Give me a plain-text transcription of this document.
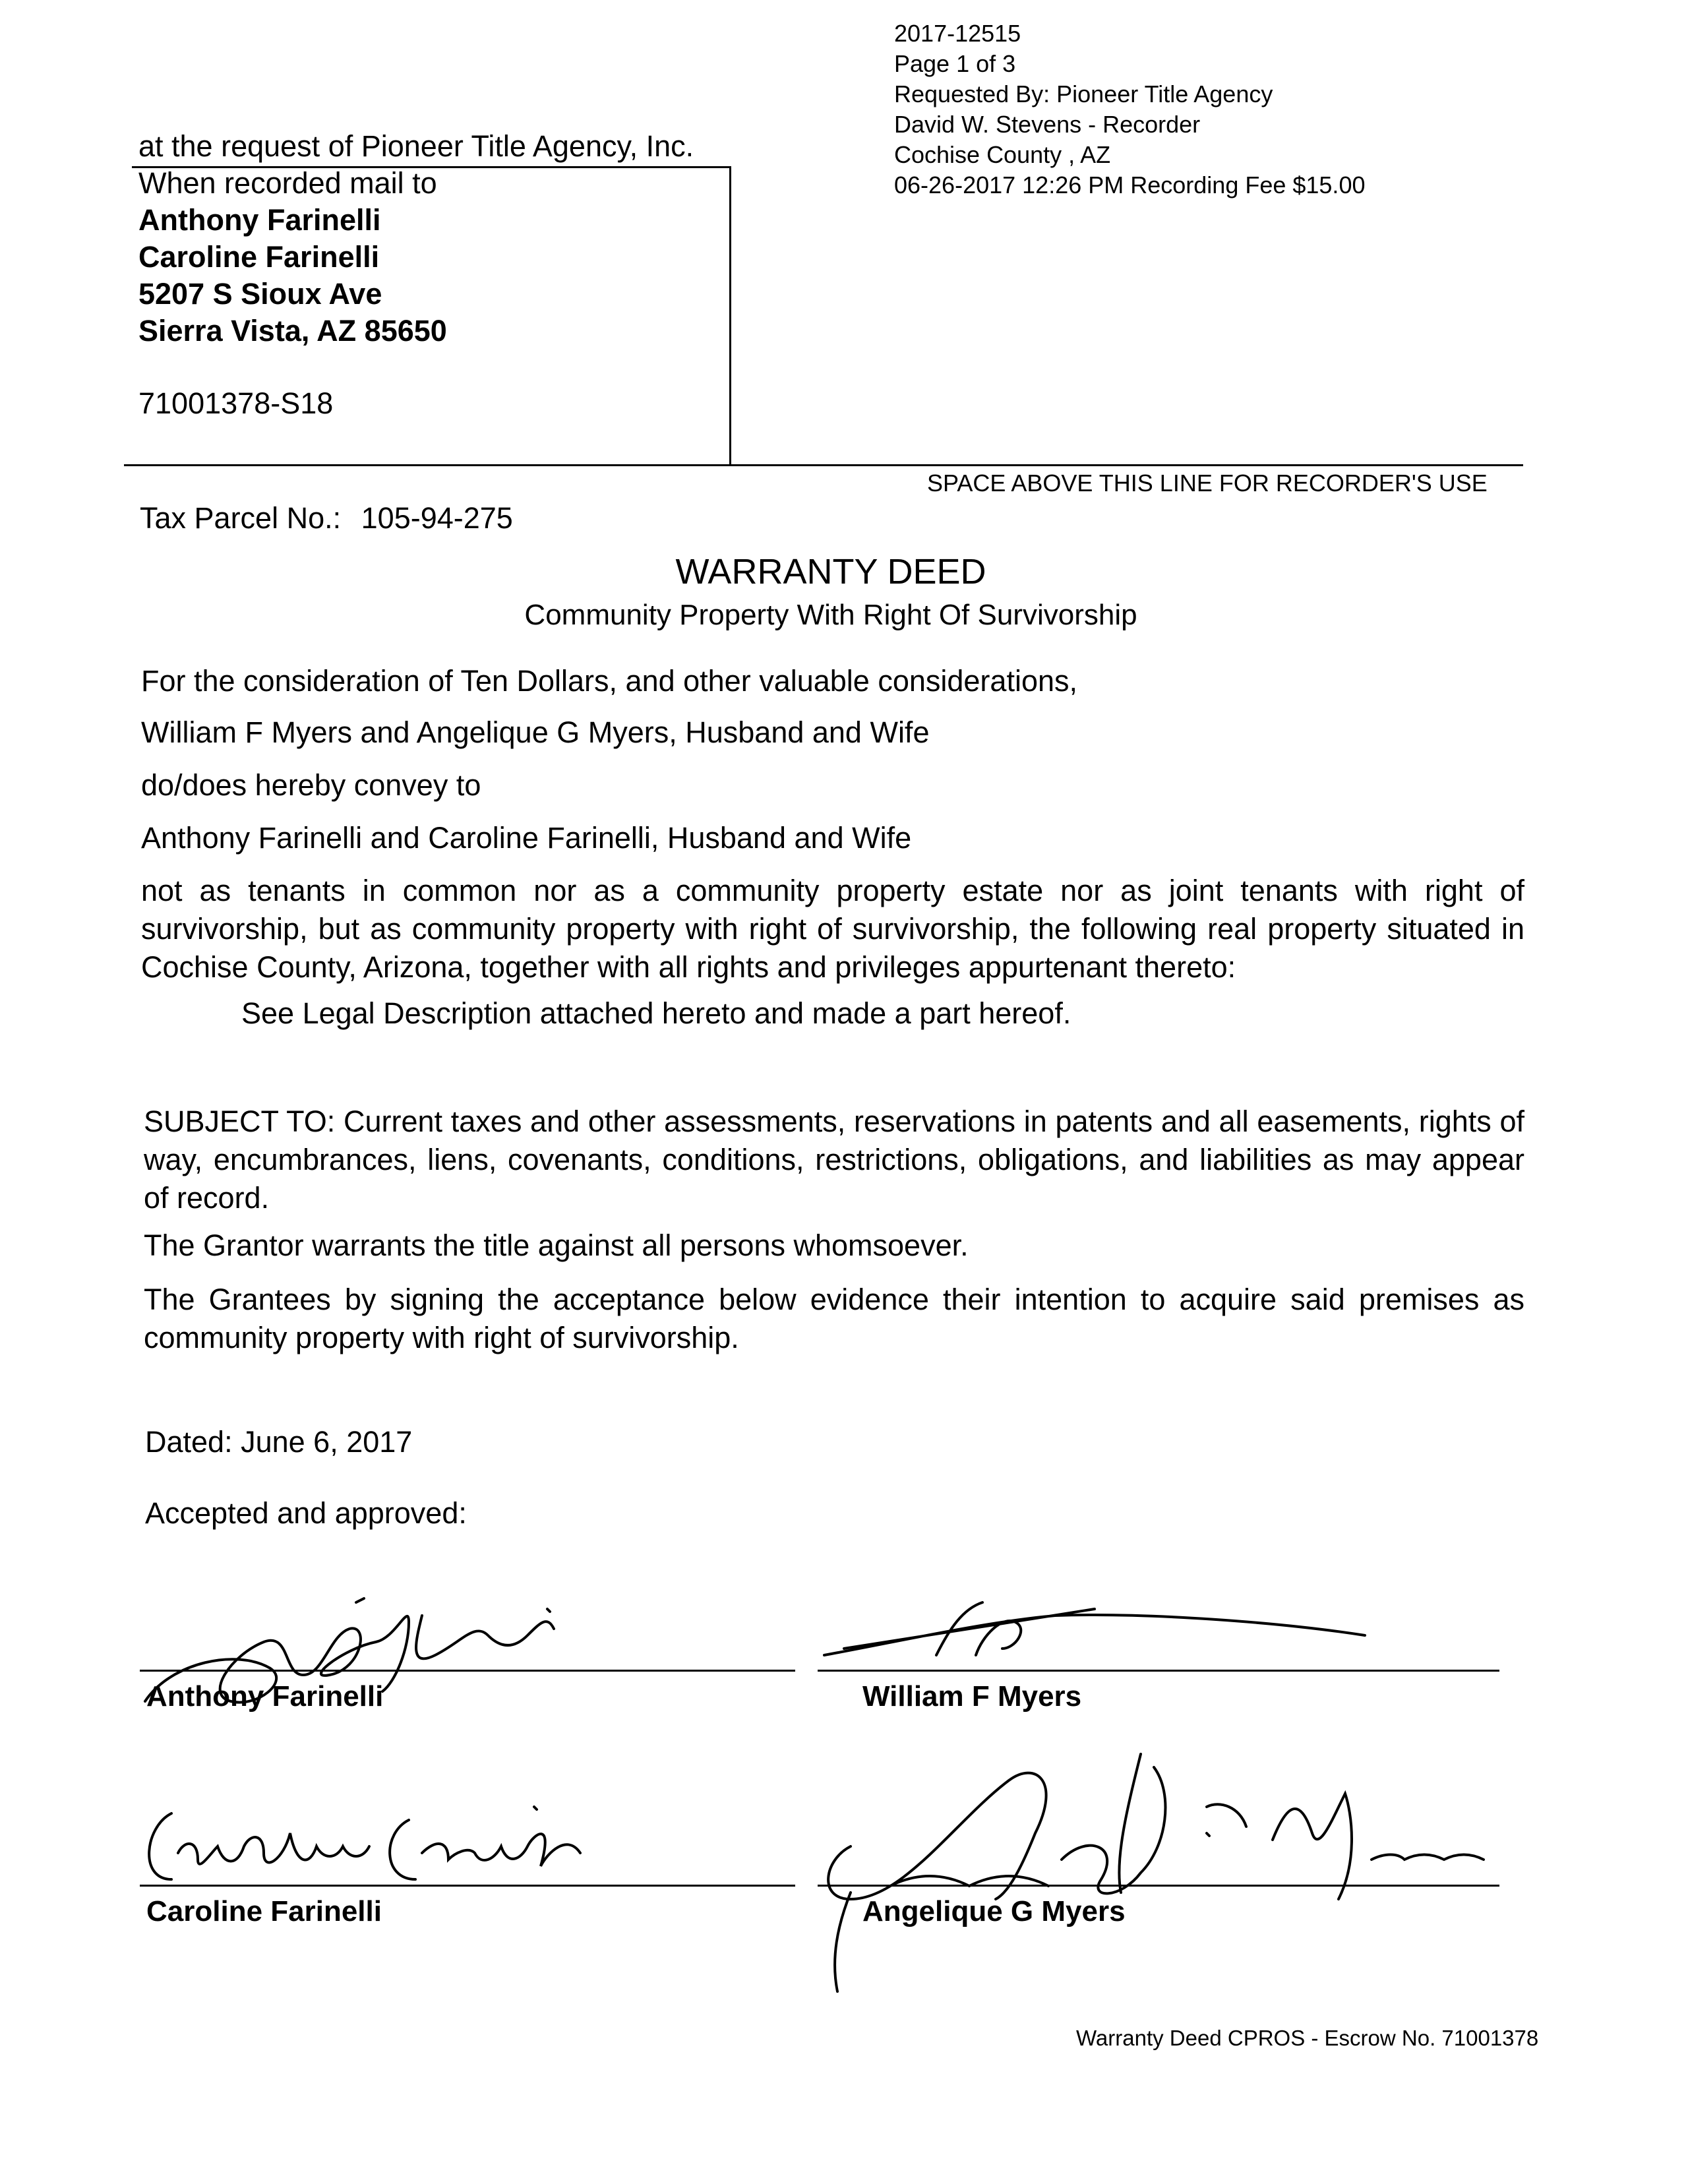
2017-12515
Page 1 of 3
Requested By: Pioneer Title Agency
David W. Stevens - Recorder
Cochise County , AZ
06-26-2017 12:26 PM Recording Fee $15.00
at the request of Pioneer Title Agency, Inc.
When recorded mail to
Anthony Farinelli
Caroline Farinelli
5207 S Sioux Ave
Sierra Vista, AZ 85650
71001378-S18
SPACE ABOVE THIS LINE FOR RECORDER'S USE
Tax Parcel No.: 105-94-275
WARRANTY DEED
Community Property With Right Of Survivorship
For the consideration of Ten Dollars, and other valuable considerations,
William F Myers and Angelique G Myers, Husband and Wife
do/does hereby convey to
Anthony Farinelli and Caroline Farinelli, Husband and Wife
not as tenants in common nor as a community property estate nor as joint tenants with right of survivorship, but as community property with right of survivorship, the following real property situated in Cochise County, Arizona, together with all rights and privileges appurtenant thereto:
See Legal Description attached hereto and made a part hereof.
SUBJECT TO: Current taxes and other assessments, reservations in patents and all easements, rights of way, encumbrances, liens, covenants, conditions, restrictions, obligations, and liabilities as may appear of record.
The Grantor warrants the title against all persons whomsoever.
The Grantees by signing the acceptance below evidence their intention to acquire said premises as community property with right of survivorship.
Dated: June 6, 2017
Accepted and approved:
Anthony Farinelli	William F Myers
Caroline Farinelli	Angelique G Myers
Warranty Deed CPROS - Escrow No. 71001378
